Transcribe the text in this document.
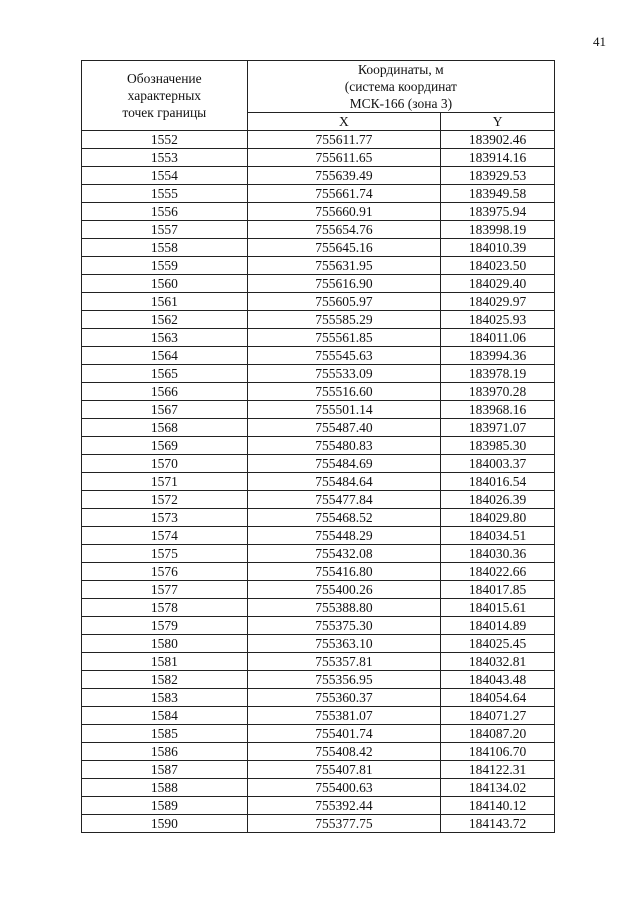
41
Обозначение
характерных
точек границы	Координаты, м
(система координат
МСК-166 (зона 3)	

	X	Y
1552	755611.77	183902.46
1553	755611.65	183914.16
1554	755639.49	183929.53
1555	755661.74	183949.58
1556	755660.91	183975.94
1557	755654.76	183998.19
1558	755645.16	184010.39
1559	755631.95	184023.50
1560	755616.90	184029.40
1561	755605.97	184029.97
1562	755585.29	184025.93
1563	755561.85	184011.06
1564	755545.63	183994.36
1565	755533.09	183978.19
1566	755516.60	183970.28
1567	755501.14	183968.16
1568	755487.40	183971.07
1569	755480.83	183985.30
1570	755484.69	184003.37
1571	755484.64	184016.54
1572	755477.84	184026.39
1573	755468.52	184029.80
1574	755448.29	184034.51
1575	755432.08	184030.36
1576	755416.80	184022.66
1577	755400.26	184017.85
1578	755388.80	184015.61
1579	755375.30	184014.89
1580	755363.10	184025.45
1581	755357.81	184032.81
1582	755356.95	184043.48
1583	755360.37	184054.64
1584	755381.07	184071.27
1585	755401.74	184087.20
1586	755408.42	184106.70
1587	755407.81	184122.31
1588	755400.63	184134.02
1589	755392.44	184140.12
1590	755377.75	184143.72
